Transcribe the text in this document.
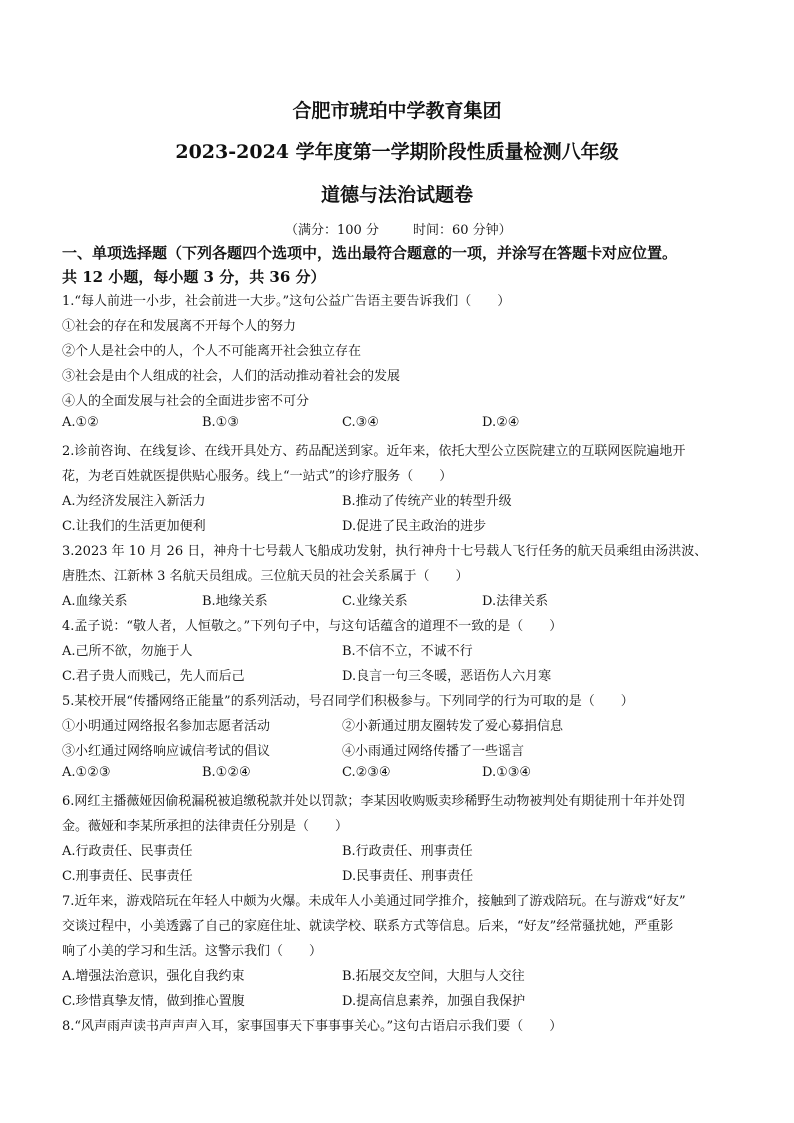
合肥市琥珀中学教育集团
2023-2024 学年度第一学期阶段性质量检测八年级
道德与法治试题卷
（满分：100 分	时间：60 分钟）
一、单项选择题（下列各题四个选项中，选出最符合题意的一项，并涂写在答题卡对应位置。
共 12 小题，每小题 3 分，共 36 分）
1.“每人前进一小步，社会前进一大步。”这句公益广告语主要告诉我们（　　）
①社会的存在和发展离不开每个人的努力
②个人是社会中的人，个人不可能离开社会独立存在
③社会是由个人组成的社会，人们的活动推动着社会的发展
④人的全面发展与社会的全面进步密不可分
A.①②	B.①③	C.③④	D.②④
2.诊前咨询、在线复诊、在线开具处方、药品配送到家。近年来，依托大型公立医院建立的互联网医院遍地开
花，为老百姓就医提供贴心服务。线上“一站式”的诊疗服务（　　）
A.为经济发展注入新活力	B.推动了传统产业的转型升级
C.让我们的生活更加便利	D.促进了民主政治的进步
3.2023 年 10 月 26 日，神舟十七号载人飞船成功发射，执行神舟十七号载人飞行任务的航天员乘组由汤洪波、
唐胜杰、江新林 3 名航天员组成。三位航天员的社会关系属于（　　）
A.血缘关系	B.地缘关系	C.业缘关系	D.法律关系
4.孟子说：“敬人者，人恒敬之。”下列句子中，与这句话蕴含的道理不一致的是（　　）
A.己所不欲，勿施于人	B.不信不立，不诚不行
C.君子贵人而贱己，先人而后己	D.良言一句三冬暖，恶语伤人六月寒
5.某校开展“传播网络正能量”的系列活动，号召同学们积极参与。下列同学的行为可取的是（　　）
①小明通过网络报名参加志愿者活动	②小新通过朋友圈转发了爱心募捐信息
③小红通过网络响应诚信考试的倡议	④小雨通过网络传播了一些谣言
A.①②③	B.①②④	C.②③④	D.①③④
6.网红主播薇娅因偷税漏税被追缴税款并处以罚款；李某因收购贩卖珍稀野生动物被判处有期徒刑十年并处罚
金。薇娅和李某所承担的法律责任分别是（　　）
A.行政责任、民事责任	B.行政责任、刑事责任
C.刑事责任、民事责任	D.民事责任、刑事责任
7.近年来，游戏陪玩在年轻人中颇为火爆。未成年人小美通过同学推介，接触到了游戏陪玩。在与游戏“好友”
交谈过程中，小美透露了自己的家庭住址、就读学校、联系方式等信息。后来，“好友”经常骚扰她，严重影
响了小美的学习和生活。这警示我们（　　）
A.增强法治意识，强化自我约束	B.拓展交友空间，大胆与人交往
C.珍惜真挚友情，做到推心置腹	D.提高信息素养，加强自我保护
8.“风声雨声读书声声声入耳，家事国事天下事事事关心。”这句古语启示我们要（　　）
